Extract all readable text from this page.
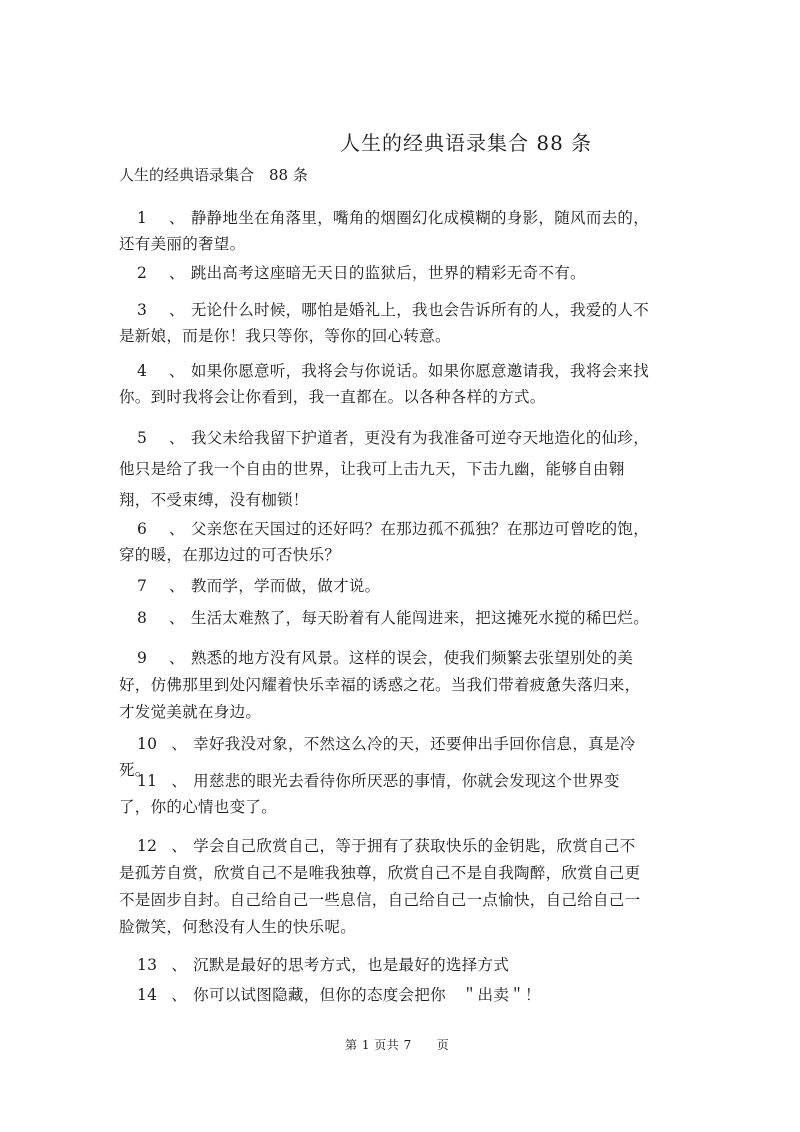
人生的经典语录集合 88 条
人生的经典语录集合　88 条
1 、 静静地坐在角落里，嘴角的烟圈幻化成模糊的身影，随风而去的，还有美丽的奢望。
2 、 跳出高考这座暗无天日的监狱后，世界的精彩无奇不有。
3 、 无论什么时候，哪怕是婚礼上，我也会告诉所有的人，我爱的人不是新娘，而是你！我只等你，等你的回心转意。
4 、 如果你愿意听，我将会与你说话。如果你愿意邀请我，我将会来找你。到时我将会让你看到，我一直都在。以各种各样的方式。
5 、 我父未给我留下护道者，更没有为我准备可逆夺天地造化的仙珍，他只是给了我一个自由的世界，让我可上击九天，下击九幽，能够自由翱翔，不受束缚，没有枷锁！
6 、 父亲您在天国过的还好吗？在那边孤不孤独？在那边可曾吃的饱，穿的暖，在那边过的可否快乐？
7 、 教而学，学而做，做才说。
8 、 生活太难熬了，每天盼着有人能闯进来，把这摊死水搅的稀巴烂。
9 、 熟悉的地方没有风景。这样的误会，使我们频繁去张望别处的美好，仿佛那里到处闪耀着快乐幸福的诱惑之花。当我们带着疲惫失落归来，才发觉美就在身边。
10 、 幸好我没对象，不然这么冷的天，还要伸出手回你信息，真是冷死。
11 、 用慈悲的眼光去看待你所厌恶的事情，你就会发现这个世界变了，你的心情也变了。
12 、 学会自己欣赏自己，等于拥有了获取快乐的金钥匙，欣赏自己不是孤芳自赏，欣赏自己不是唯我独尊，欣赏自己不是自我陶醉，欣赏自己更不是固步自封。自己给自己一些息信，自己给自己一点愉快，自己给自己一脸微笑，何愁没有人生的快乐呢。
13 、 沉默是最好的思考方式，也是最好的选择方式
14 、 你可以试图隐藏，但你的态度会把你　＂出卖＂！
第 1 页共 7　　页
